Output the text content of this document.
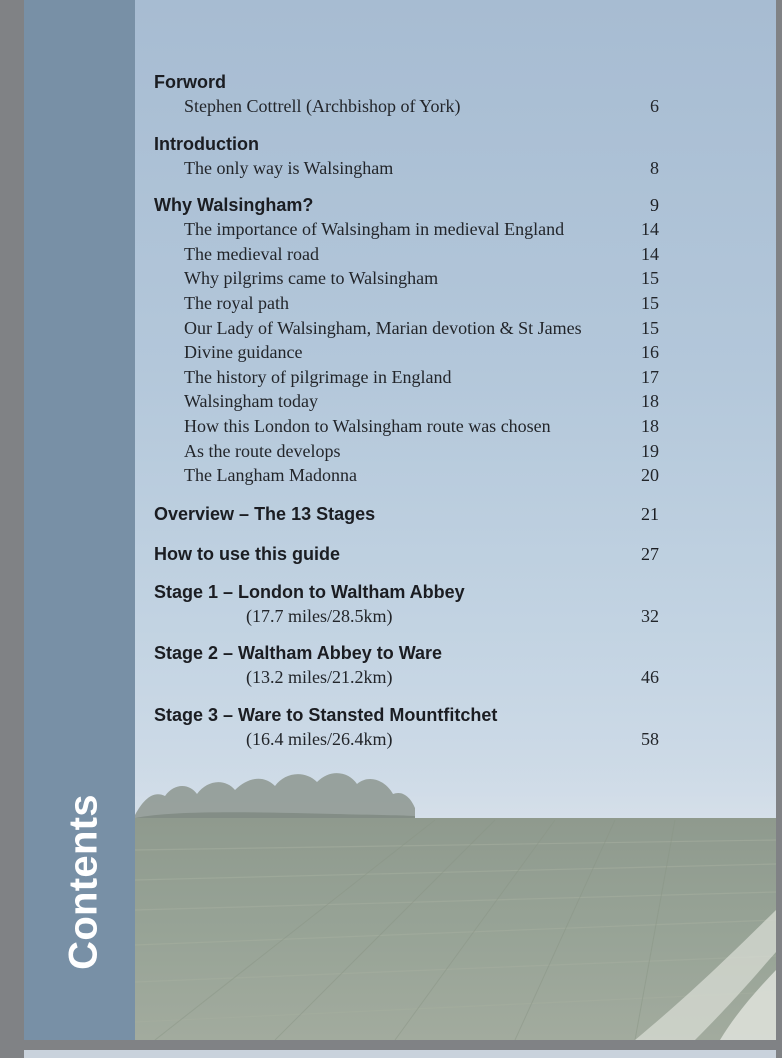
Contents
Forword
Stephen Cottrell (Archbishop of York)	6
Introduction
The only way is Walsingham	8
Why Walsingham?	9
The importance of Walsingham in medieval England	14
The medieval road	14
Why pilgrims came to Walsingham	15
The royal path	15
Our Lady of Walsingham, Marian devotion & St James	15
Divine guidance	16
The history of pilgrimage in England	17
Walsingham today	18
How this London to Walsingham route was chosen	18
As the route develops	19
The Langham Madonna	20
Overview – The 13 Stages	21
How to use this guide	27
Stage 1 – London to Waltham Abbey
(17.7 miles/28.5km)	32
Stage 2 – Waltham Abbey to Ware
(13.2 miles/21.2km)	46
Stage 3 – Ware to Stansted Mountfitchet
(16.4 miles/26.4km)	58
